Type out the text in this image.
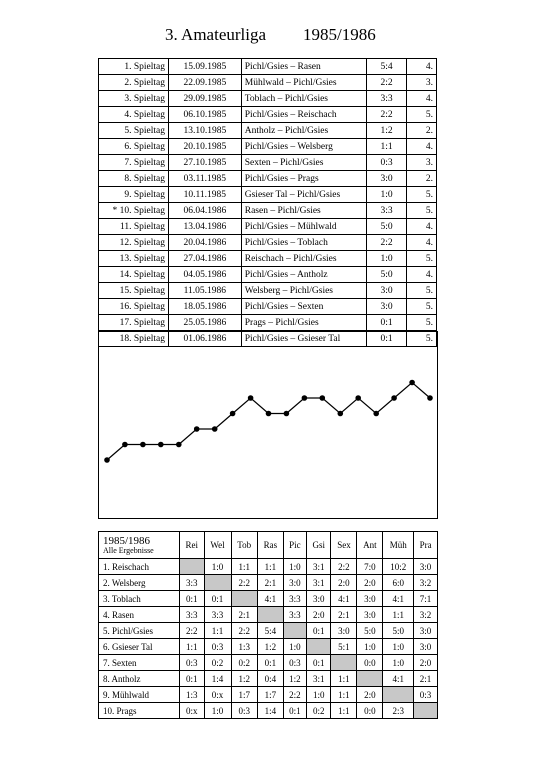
3. Amateurliga 1985/1986
1. Spieltag	15.09.1985	Pichl/Gsies – Rasen	5:4	4.
2. Spieltag	22.09.1985	Mühlwald – Pichl/Gsies	2:2	3.
3. Spieltag	29.09.1985	Toblach – Pichl/Gsies	3:3	4.
4. Spieltag	06.10.1985	Pichl/Gsies – Reischach	2:2	5.
5. Spieltag	13.10.1985	Antholz – Pichl/Gsies	1:2	2.
6. Spieltag	20.10.1985	Pichl/Gsies – Welsberg	1:1	4.
7. Spieltag	27.10.1985	Sexten – Pichl/Gsies	0:3	3.
8. Spieltag	03.11.1985	Pichl/Gsies – Prags	3:0	2.
9. Spieltag	10.11.1985	Gsieser Tal – Pichl/Gsies	1:0	5.
* 10. Spieltag	06.04.1986	Rasen – Pichl/Gsies	3:3	5.
11. Spieltag	13.04.1986	Pichl/Gsies – Mühlwald	5:0	4.
12. Spieltag	20.04.1986	Pichl/Gsies – Toblach	2:2	4.
13. Spieltag	27.04.1986	Reischach – Pichl/Gsies	1:0	5.
14. Spieltag	04.05.1986	Pichl/Gsies – Antholz	5:0	4.
15. Spieltag	11.05.1986	Welsberg – Pichl/Gsies	3:0	5.
16. Spieltag	18.05.1986	Pichl/Gsies – Sexten	3:0	5.
17. Spieltag	25.05.1986	Prags – Pichl/Gsies	0:1	5.
18. Spieltag	01.06.1986	Pichl/Gsies – Gsieser Tal	0:1	5.
1985/1986
Alle Ergebnisse	Rei	Wel	Tob	Ras	Pic	Gsi	Sex	Ant	Müh	Pra
1. Reischach		1:0	1:1	1:1	1:0	3:1	2:2	7:0	10:2	3:0
2. Welsberg	3:3		2:2	2:1	3:0	3:1	2:0	2:0	6:0	3:2
3. Toblach	0:1	0:1		4:1	3:3	3:0	4:1	3:0	4:1	7:1
4. Rasen	3:3	3:3	2:1		3:3	2:0	2:1	3:0	1:1	3:2
5. Pichl/Gsies	2:2	1:1	2:2	5:4		0:1	3:0	5:0	5:0	3:0
6. Gsieser Tal	1:1	0:3	1:3	1:2	1:0		5:1	1:0	1:0	3:0
7. Sexten	0:3	0:2	0:2	0:1	0:3	0:1		0:0	1:0	2:0
8. Antholz	0:1	1:4	1:2	0:4	1:2	3:1	1:1		4:1	2:1
9. Mühlwald	1:3	0:x	1:7	1:7	2:2	1:0	1:1	2:0		0:3
10. Prags	0:x	1:0	0:3	1:4	0:1	0:2	1:1	0:0	2:3	
